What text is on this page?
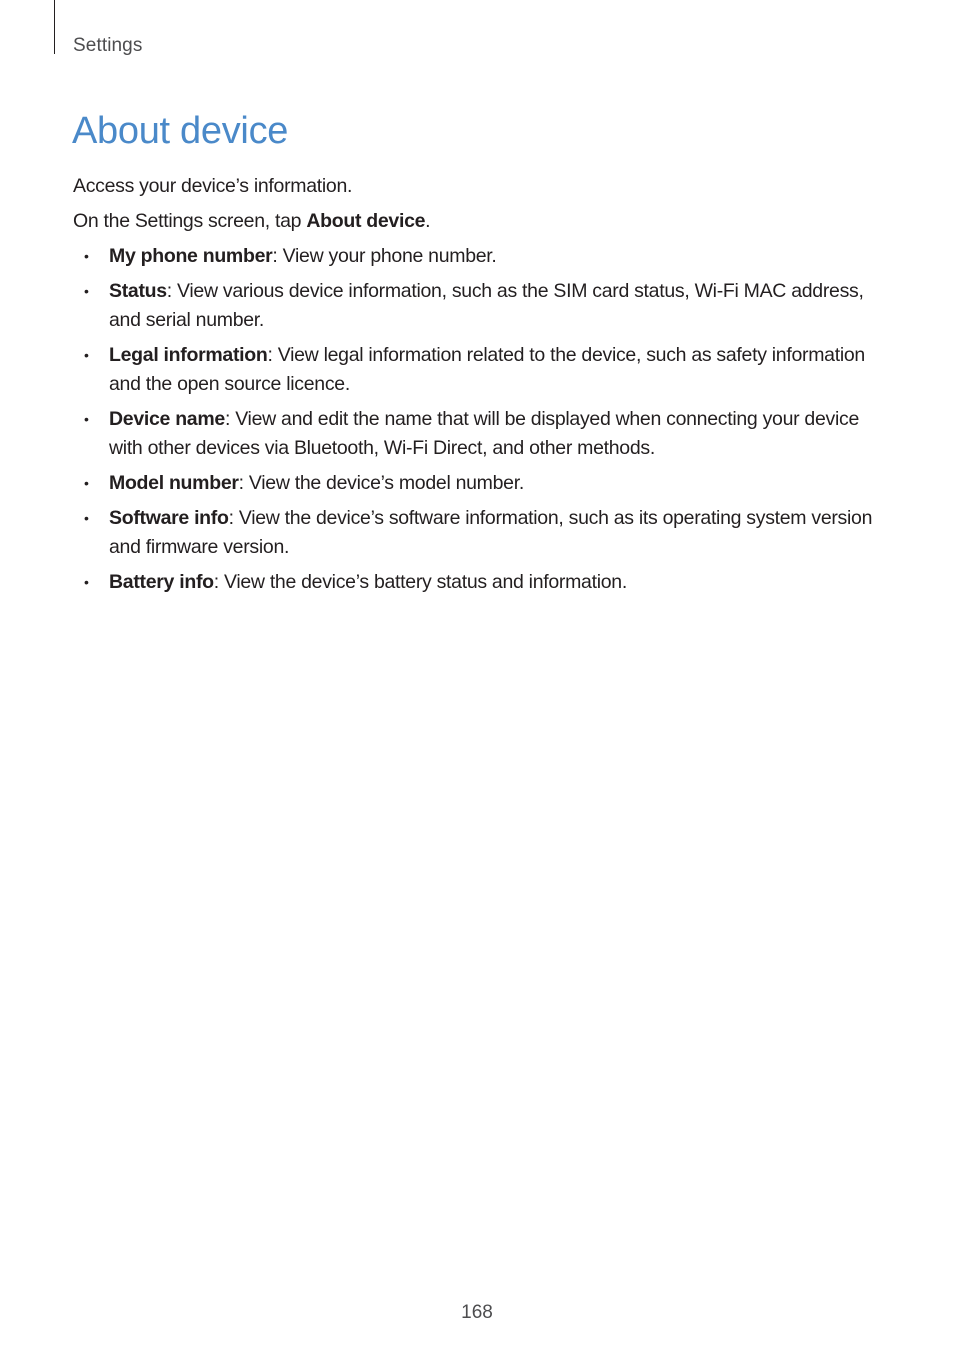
Settings
About device

Access your device’s information.

On the Settings screen, tap About device.

• My phone number: View your phone number.
• Status: View various device information, such as the SIM card status, Wi-Fi MAC address, and serial number.
• Legal information: View legal information related to the device, such as safety information and the open source licence.
• Device name: View and edit the name that will be displayed when connecting your device with other devices via Bluetooth, Wi-Fi Direct, and other methods.
• Model number: View the device’s model number.
• Software info: View the device’s software information, such as its operating system version and firmware version.
• Battery info: View the device’s battery status and information.
168
